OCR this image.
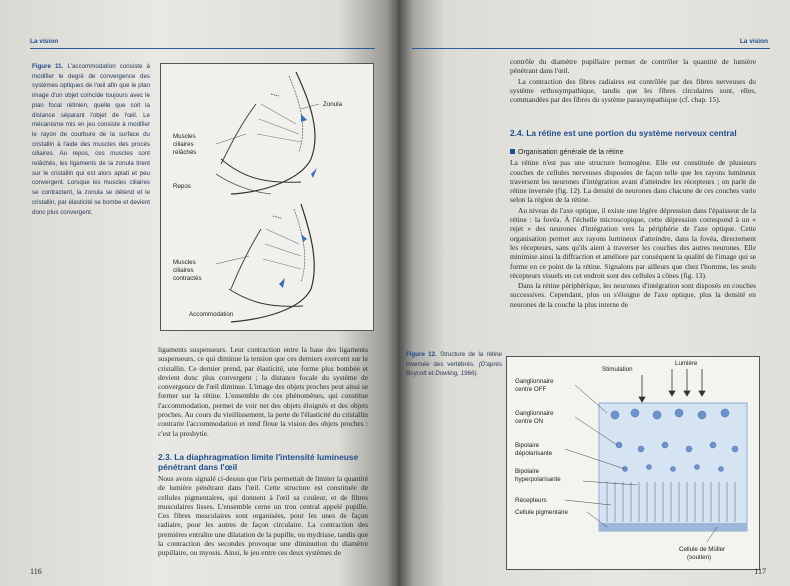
La vision
Figure 11. L'accommodation consiste à modifier le degré de convergence des systèmes optiques de l'œil afin que le plan image d'un objet coïncide toujours avec le plan focal rétinien, quelle que soit la distance séparant l'objet de l'œil. Le mécanisme mis en jeu consiste à modifier le rayon de courbure de la surface du cristallin à l'aide des muscles des procès ciliaires. Au repos, ces muscles sont relâchés, les ligaments de la zonula tirent sur le cristallin qui est alors aplati et peu convergent. Lorsque les muscles ciliaires se contractent, la zonula se détend et le cristallin, par élasticité se bombe et devient donc plus convergent.
Zonula
Muscles
ciliaires
relâchés
Repos
Muscles
ciliaires
contractés
Accommodation

ligaments suspenseurs. Leur contraction entre la base des ligaments suspenseurs, ce qui diminue la tension que ces derniers exercent sur le cristallin. Ce dernier prend, par élasticité, une forme plus bombée et devient donc plus convergent ; la distance focale du système de convergence de l'œil diminue. L'image des objets proches peut ainsi se former sur la rétine. L'ensemble de ces phénomènes, qui constitue l'accommodation, permet de voir net des objets éloignés et des objets proches. Au cours du vieillissement, la perte de l'élasticité du cristallin contrarie l'accommodation et rend floue la vision des objets proches : c'est la presbytie.

2.3. La diaphragmation limite l'intensité lumineuse pénétrant dans l'œil

Nous avons signalé ci-dessus que l'iris permettait de limiter la quantité de lumière pénétrant dans l'œil. Cette structure est constituée de cellules pigmentaires, qui donnent à l'œil sa couleur, et de fibres musculaires lisses. L'ensemble cerne un trou central appelé pupille. Ces fibres musculaires sont organisées, pour les unes de façon radiaire, pour les autres de façon circulaire. La contraction des premières entraîne une dilatation de la pupille, ou mydriase, tandis que la contraction des secondes provoque une diminution du diamètre pupillaire, ou myosis. Ainsi, le jeu entre ces deux systèmes de

116
La vision

contrôle du diamètre pupillaire permet de contrôler la quantité de lumière pénétrant dans l'œil.

La contraction des fibres radiaires est contrôlée par des fibres nerveuses du système orthosympathique, tandis que les fibres circulaires sont, elles, commandées par des fibres du système parasympathique (cf. chap. 15).

2.4. La rétine est une portion du système nerveux central
Organisation générale de la rétine

La rétine n'est pas une structure homogène. Elle est constituée de plusieurs couches de cellules nerveuses disposées de façon telle que les rayons lumineux traversent les neurones d'intégration avant d'atteindre les récepteurs ; on parle de rétine inversée (fig. 12). La densité de neurones dans chacune de ces couches varie selon la région de la rétine.

Au niveau de l'axe optique, il existe une légère dépression dans l'épaisseur de la rétine : la fovéa. À l'échelle microscopique, cette dépression correspond à un « rejet » des neurones d'intégration vers la périphérie de l'axe optique. Cette organisation permet aux rayons lumineux d'atteindre, dans la fovéa, directement les récepteurs, sans qu'ils aient à traverser les couches des autres neurones. Elle minimise ainsi la diffraction et améliore par conséquent la qualité de l'image qui se forme en ce point de la rétine. Signalons par ailleurs que chez l'homme, les seuls récepteurs visuels en cet endroit sont des cellules à cônes (fig. 13).

Dans la rétine périphérique, les neurones d'intégration sont disposés en couches successives. Cependant, plus on s'éloigne de l'axe optique, plus la densité en neurones de la couche la plus interne de

Figure 12. Structure de la rétine inversée des vertébrés. (D'après Boycott et Dowling, 1966).
Stimulation
Lumière
Ganglionnaire
centre OFF
Ganglionnaire
centre ON
Bipolaire
dépolarisante
Bipolaire
hyperpolarisante
Récepteurs
Cellule pigmentaire
Cellule de Müller
(soutien)
117
